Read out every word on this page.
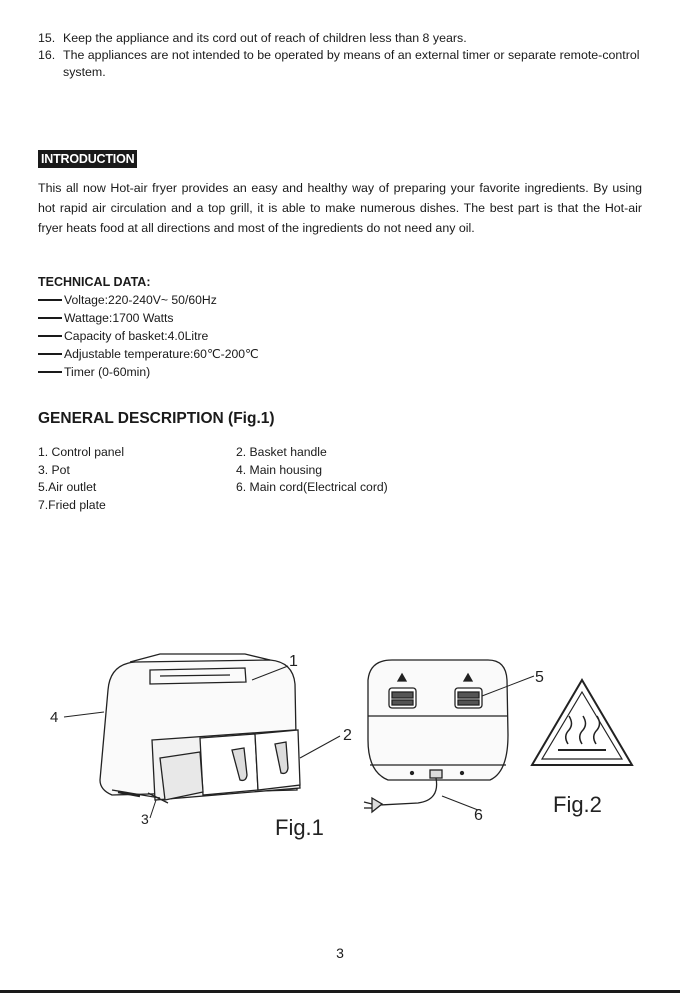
15. Keep the appliance and its cord out of reach of children less than 8 years.
16. The appliances are not intended to be operated by means of an external timer or separate remote-control system.
INTRODUCTION
This all now Hot-air fryer provides an easy and healthy way of preparing your favorite ingredients. By using hot rapid air circulation and a top grill, it is able to make numerous dishes. The best part is that the Hot-air fryer heats food at all directions and most of the ingredients do not need any oil.
TECHNICAL DATA:
Voltage:220-240V~ 50/60Hz
Wattage:1700 Watts
Capacity of basket:4.0Litre
Adjustable temperature:60℃-200℃
Timer (0-60min)
GENERAL DESCRIPTION (Fig.1)
1. Control panel	2. Basket handle
3. Pot	4. Main housing
5.Air outlet	6. Main cord(Electrical cord)
7.Fried plate
1
2
3
4
Fig.1
5
6	Fig.2
3
